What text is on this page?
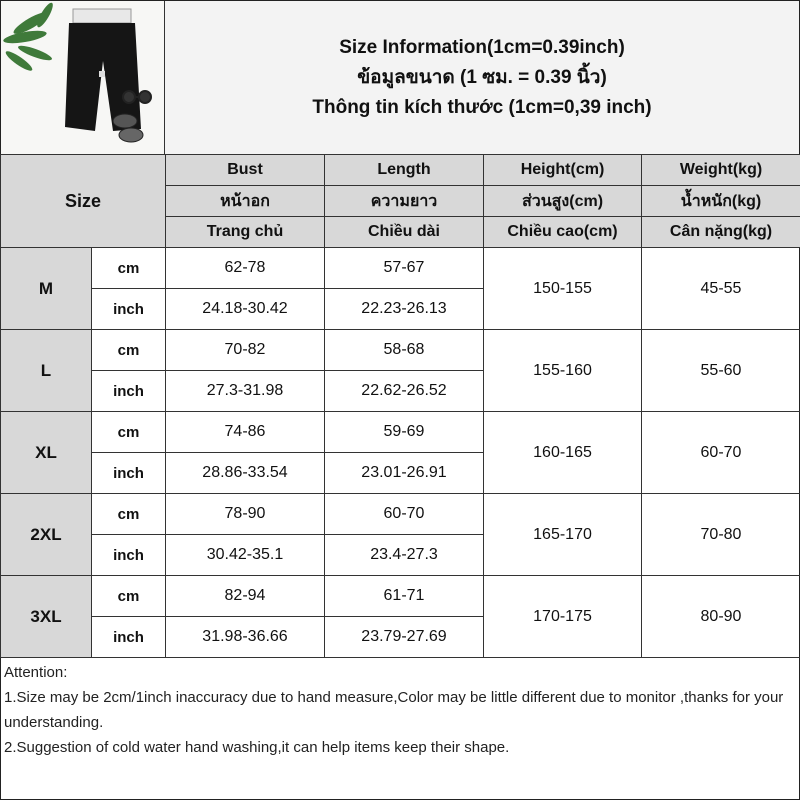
Size Information(1cm=0.39inch)
ข้อมูลขนาด (1 ซม. = 0.39 นิ้ว)
Thông tin kích thước (1cm=0,39 inch)
Size		Bust	Length	Height(cm)	Weight(kg)
		หน้าอก	ความยาว	ส่วนสูง(cm)	น้ำหนัก(kg)
		Trang chủ	Chiều dài	Chiều cao(cm)	Cân nặng(kg)
M	cm	62-78	57-67	150-155	45-55
	inch	24.18-30.42	22.23-26.13		
L	cm	70-82	58-68	155-160	55-60
	inch	27.3-31.98	22.62-26.52		
XL	cm	74-86	59-69	160-165	60-70
	inch	28.86-33.54	23.01-26.91		
2XL	cm	78-90	60-70	165-170	70-80
	inch	30.42-35.1	23.4-27.3		
3XL	cm	82-94	61-71	170-175	80-90
	inch	31.98-36.66	23.79-27.69		
Attention:
1.Size may be 2cm/1inch inaccuracy due to hand measure,Color may be little different due to monitor ,thanks for your understanding.
2.Suggestion of cold water hand washing,it can help items keep their shape.
